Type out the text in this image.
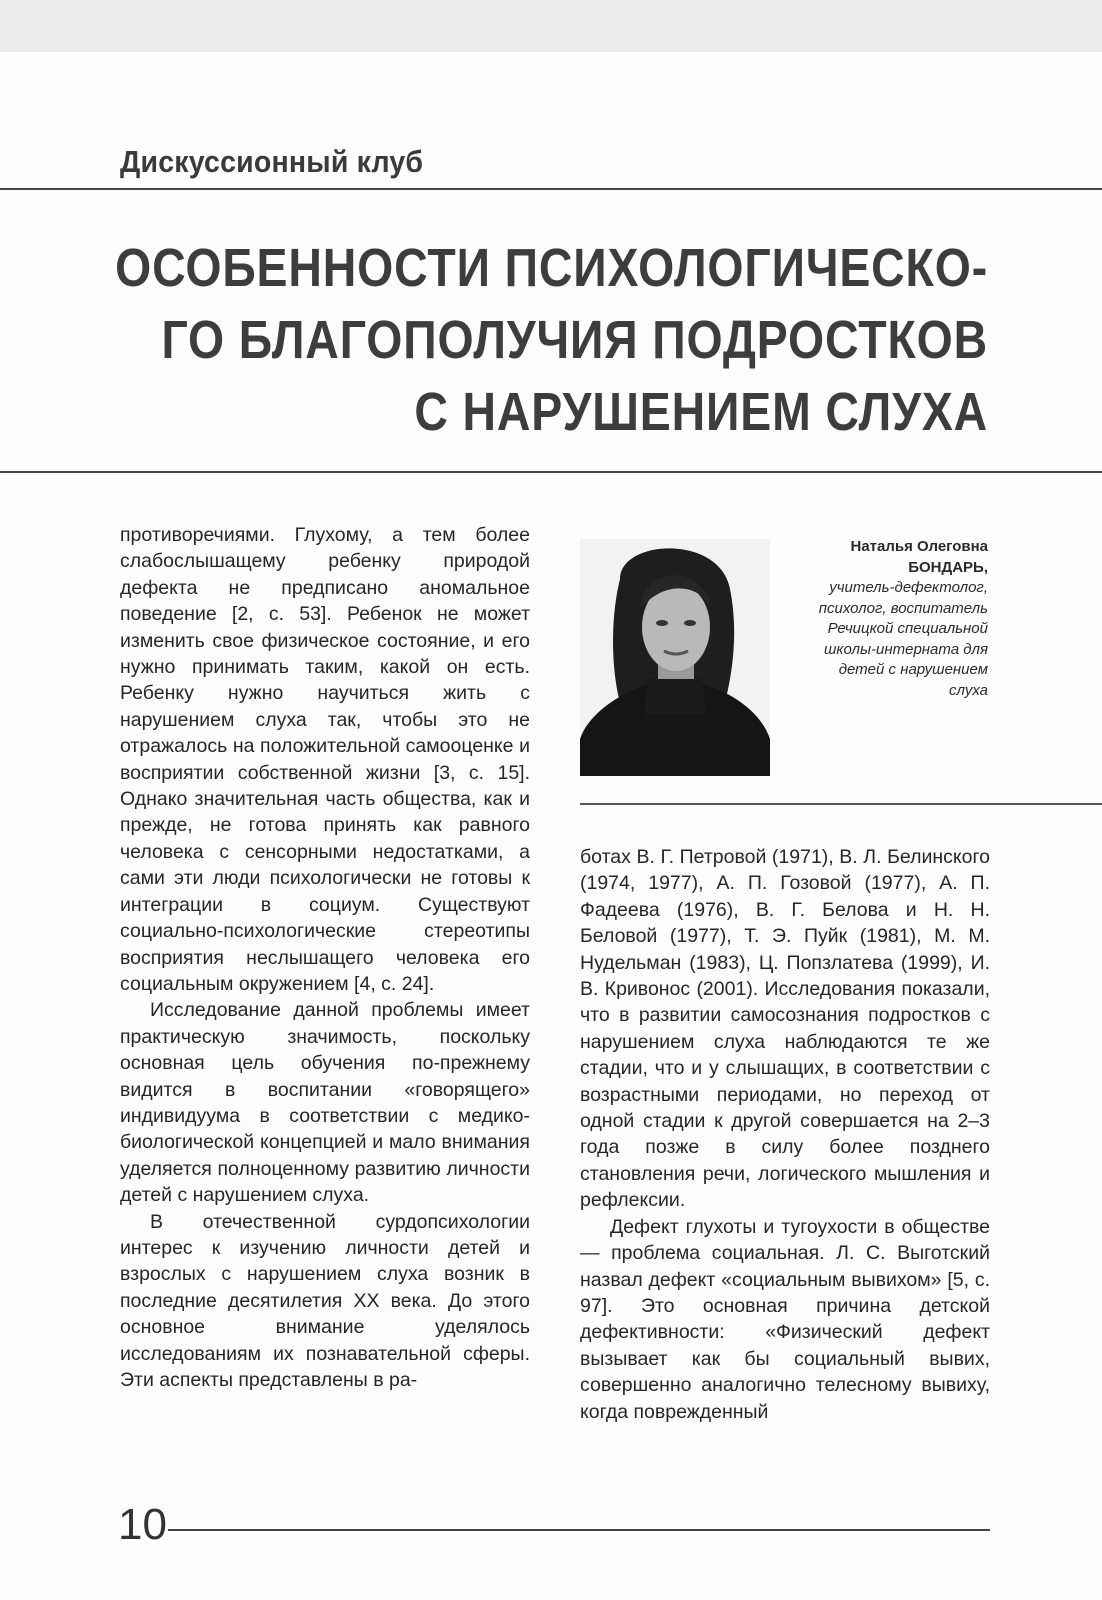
Дискуссионный клуб
ОСОБЕННОСТИ ПСИХОЛОГИЧЕСКО-
ГО БЛАГОПОЛУЧИЯ ПОДРОСТКОВ
С НАРУШЕНИЕМ СЛУХА

противоречиями. Глухому, а тем более слабослышащему ребенку природой дефекта не предписано аномальное поведение [2, с. 53]. Ребенок не может изменить свое физическое состояние, и его нужно принимать таким, какой он есть. Ребенку нужно научиться жить с нарушением слуха так, чтобы это не отражалось на положительной самооценке и восприятии собственной жизни [3, с. 15]. Однако значительная часть общества, как и прежде, не готова принять как равного человека с сенсорными недостатками, а сами эти люди психологически не готовы к интеграции в социум. Существуют социально-психологические стереотипы восприятия неслышащего человека его социальным окружением [4, с. 24].

Исследование данной проблемы имеет практическую значимость, поскольку основная цель обучения по-прежнему видится в воспитании «говорящего» индивидуума в соответствии с медико-биологической концепцией и мало внимания уделяется полноценному развитию личности детей с нарушением слуха.

В отечественной сурдопсихологии интерес к изучению личности детей и взрослых с нарушением слуха возник в последние десятилетия XX века. До этого основное внимание уделялось исследованиям их познавательной сферы. Эти аспекты представлены в ра-

Наталья Олеговна
БОНДАРЬ,
учитель-дефектолог,
психолог, воспитатель
Речицкой специальной
школы-интерната для
детей с нарушением
слуха

ботах В. Г. Петровой (1971), В. Л. Белинского (1974, 1977), А. П. Гозовой (1977), А. П. Фадеева (1976), В. Г. Белова и Н. Н. Беловой (1977), Т. Э. Пуйк (1981), М. М. Нудельман (1983), Ц. Попзлатева (1999), И. В. Кривонос (2001). Исследования показали, что в развитии самосознания подростков с нарушением слуха наблюдаются те же стадии, что и у слышащих, в соответствии с возрастными периодами, но переход от одной стадии к другой совершается на 2–3 года позже в силу более позднего становления речи, логического мышления и рефлексии.

Дефект глухоты и тугоухости в обществе — проблема социальная. Л. С. Выготский назвал дефект «социальным вывихом» [5, с. 97]. Это основная причина детской дефективности: «Физический дефект вызывает как бы социальный вывих, совершенно аналогично телесному вывиху, когда поврежденный

10
